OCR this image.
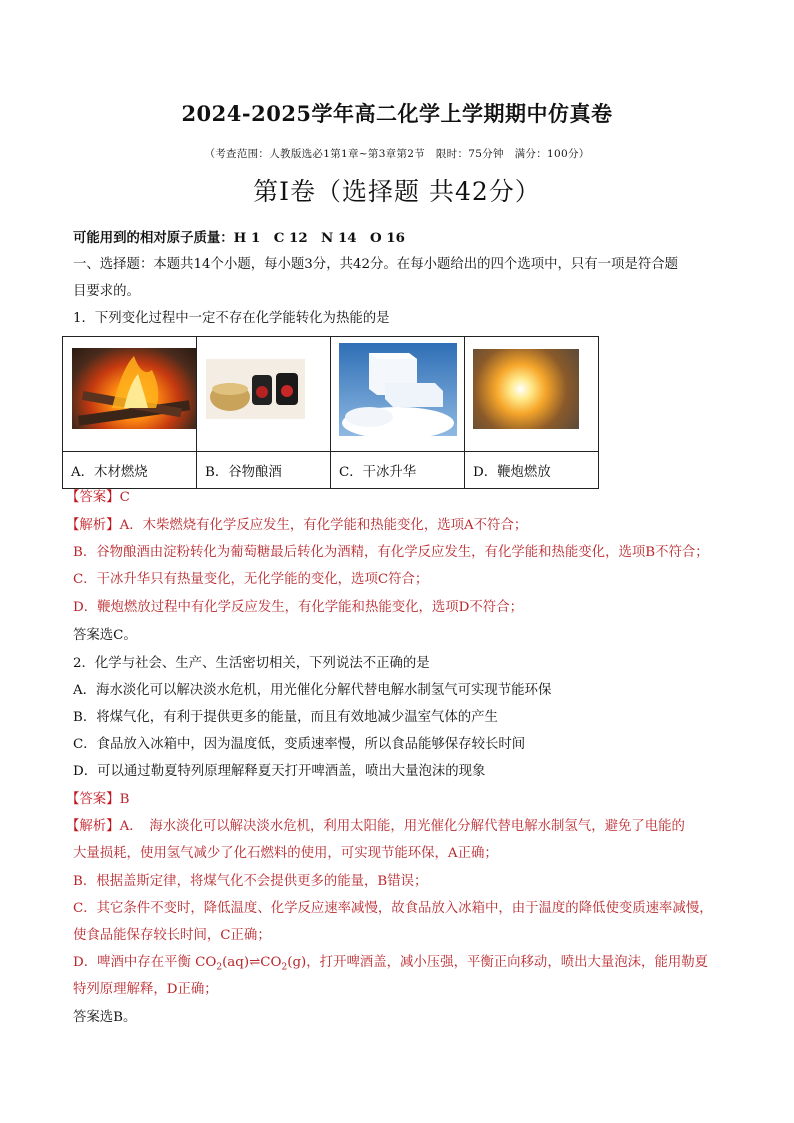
2024-2025学年高二化学上学期期中仿真卷
（考查范围：人教版选必1第1章~第3章第2节　限时：75分钟　满分：100分）
第Ⅰ卷（选择题 共42分）
可能用到的相对原子质量：H 1　C 12　N 14　O 16
一、选择题：本题共14个小题，每小题3分，共42分。在每小题给出的四个选项中，只有一项是符合题
目要求的。
1．下列变化过程中一定不存在化学能转化为热能的是

A．木材燃烧	B．谷物酿酒	C．干冰升华	D．鞭炮燃放
【答案】C
【解析】A．木柴燃烧有化学反应发生，有化学能和热能变化，选项A不符合；
B．谷物酿酒由淀粉转化为葡萄糖最后转化为酒精，有化学反应发生，有化学能和热能变化，选项B不符合；
C．干冰升华只有热量变化，无化学能的变化，选项C符合；
D．鞭炮燃放过程中有化学反应发生，有化学能和热能变化，选项D不符合；
答案选C。
2．化学与社会、生产、生活密切相关，下列说法不正确的是
A．海水淡化可以解决淡水危机，用光催化分解代替电解水制氢气可实现节能环保
B．将煤气化，有利于提供更多的能量，而且有效地减少温室气体的产生
C．食品放入冰箱中，因为温度低，变质速率慢，所以食品能够保存较长时间
D．可以通过勒夏特列原理解释夏天打开啤酒盖，喷出大量泡沫的现象
【答案】B
【解析】A．　海水淡化可以解决淡水危机，利用太阳能，用光催化分解代替电解水制氢气，避免了电能的
大量损耗，使用氢气减少了化石燃料的使用，可实现节能环保，A正确；
B．根据盖斯定律，将煤气化不会提供更多的能量，B错误；
C．其它条件不变时，降低温度、化学反应速率减慢，故食品放入冰箱中，由于温度的降低使变质速率减慢，
使食品能保存较长时间，C正确；
D．啤酒中存在平衡 $CO_2(aq)\rightleftharpoons CO_2(g)$，打开啤酒盖，减小压强，平衡正向移动，喷出大量泡沫，能用勒夏
特列原理解释，D正确；
答案选B。
